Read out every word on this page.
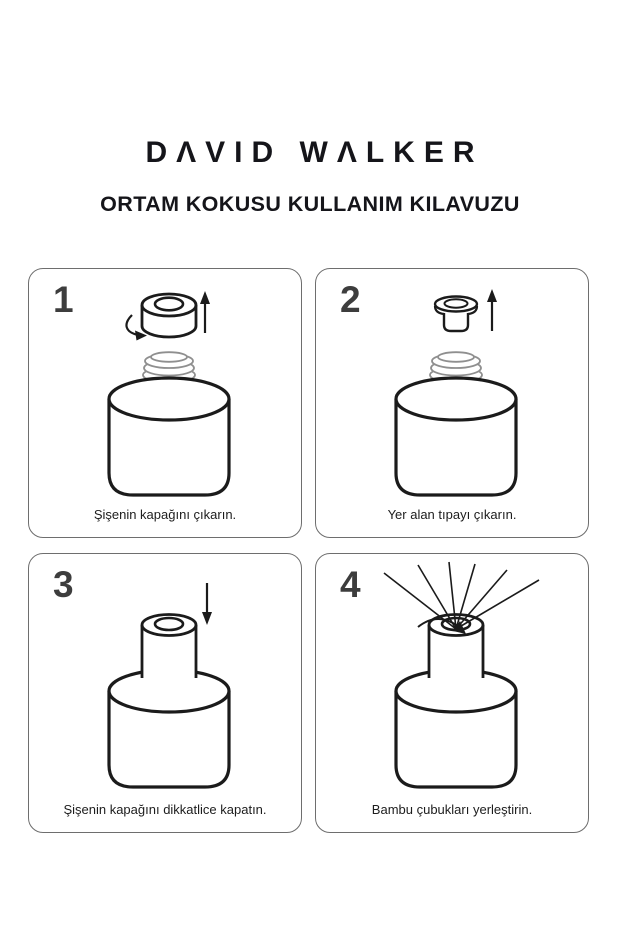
DΛVID WΛLKER
ORTAM KOKUSU KULLANIM KILAVUZU
1
Şişenin kapağını çıkarın.
2
Yer alan tıpayı çıkarın.
3
Şişenin kapağını dikkatlice kapatın.
4
Bambu çubukları yerleştirin.
